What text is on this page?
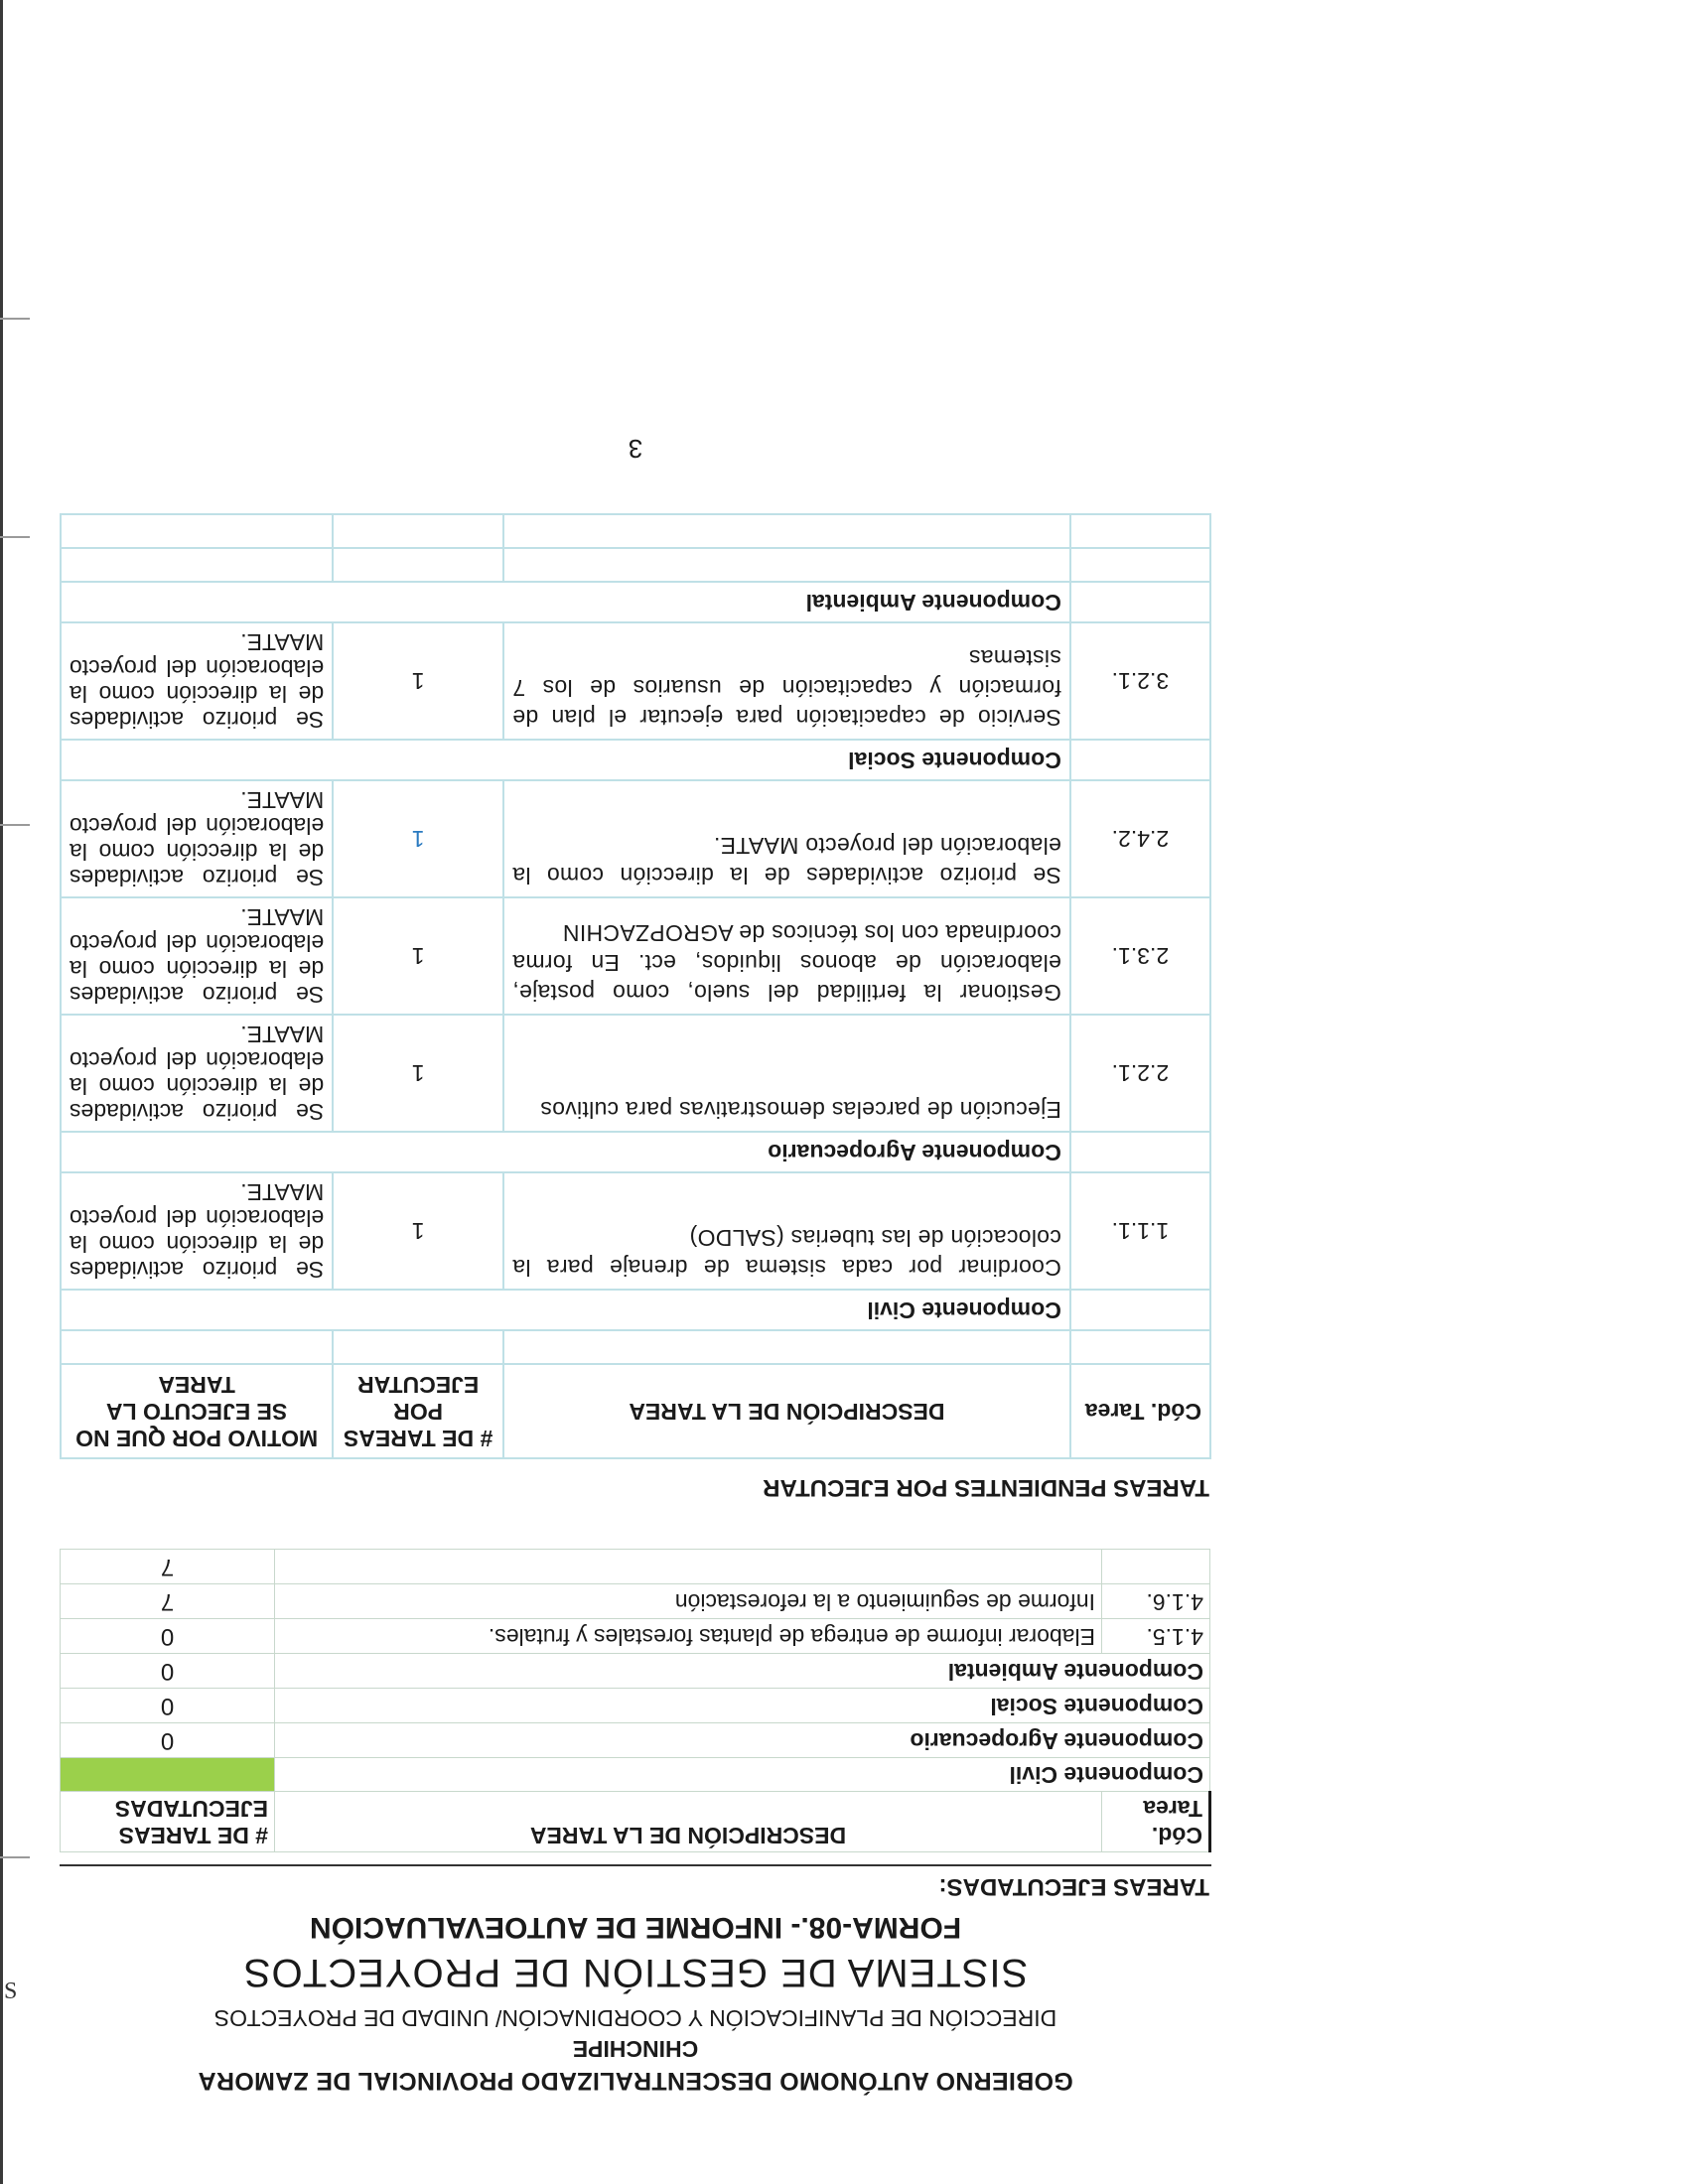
S
GOBIERNO AUTÓNOMO DESCENTRALIZADO PROVINCIAL DE ZAMORA
CHINCHIPE
DIRECCIÓN DE PLANIFICACIÓN Y COORDINACIÓN/ UNIDAD DE PROYECTOS
SISTEMA DE GESTIÓN DE PROYECTOS
FORMA-08.- INFORME DE AUTOEVALUACIÓN
TAREAS EJECUTADAS:
Cód. Tarea	DESCRIPCIÓN DE LA TAREA	# DE TAREAS EJECUTADAS
Componente Civil		
Componente Agropecuario		0
Componente Social		0
Componente Ambiental		0
4.1.5.	Elaborar informe de entrega de plantas forestales y frutales.	0
4.1.6.	Informe de seguimiento a la reforestación	7
		7
TAREAS PENDIENTES POR EJECUTAR
Cód. Tarea	DESCRIPCIÓN DE LA TAREA	# DE TAREAS POR EJECUTAR	MOTIVO POR QUE NO SE EJECUTO LA TAREA

	Componente Civil		
1.1.1.	Coordinar por cada sistema de drenaje para la colocación de las tuberias (SALDO)	1	Se priorizo actividades de la dirección como la elaboración del proyecto MAATE.
	Componente Agropecuario		
2.2.1.	Ejecución de parcelas demostrativas para cultivos	1	Se priorizo actividades de la dirección como la elaboración del proyecto MAATE.
2.3.1.	Gestionar la fertilidad del suelo, como postaje, elaboración de abonos liquidos, ect. En forma coordinada con los técnicos de AGROPZACHIN	1	Se priorizo actividades de la dirección como la elaboración del proyecto MAATE.
2.4.2.	Se priorizo actividades de la dirección como la elaboración del proyecto MAATE.	1	Se priorizo actividades de la dirección como la elaboración del proyecto MAATE.
	Componente Social		
3.2.1.	Servicio de capacitación para ejecutar el plan de formación y capacitación de usuarios de los 7 sistemas	1	Se priorizo actividades de la dirección como la elaboración del proyecto MAATE.
	Componente Ambiental		

3
